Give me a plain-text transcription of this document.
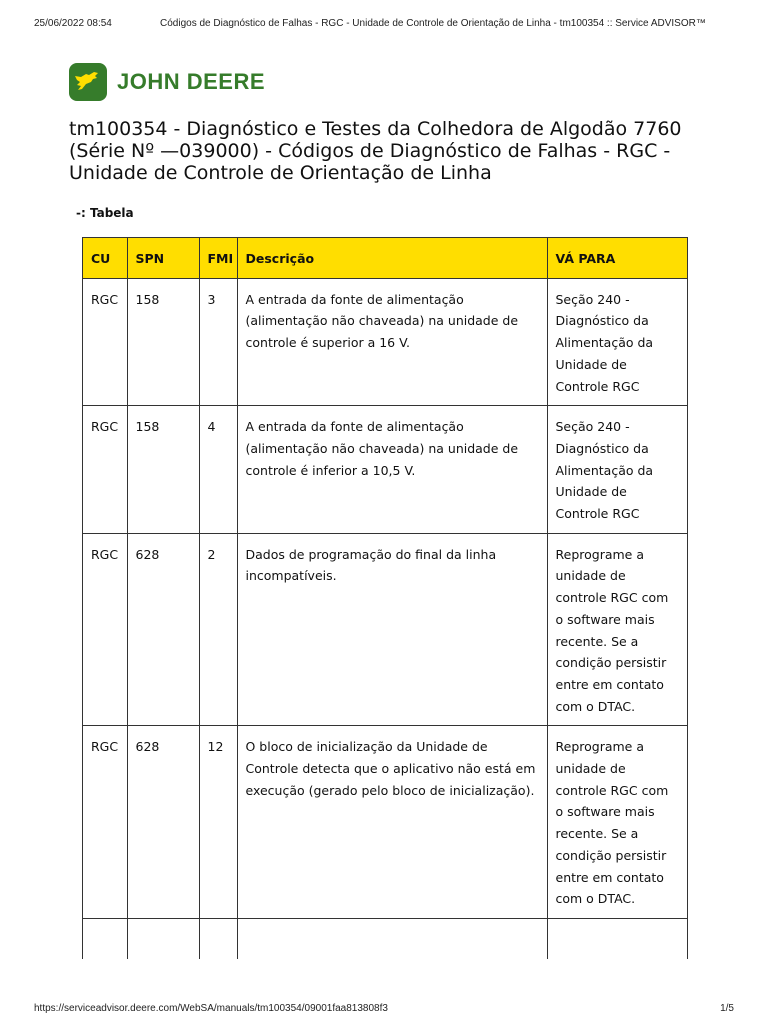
25/06/2022 08:54	Códigos de Diagnóstico de Falhas - RGC - Unidade de Controle de Orientação de Linha - tm100354 :: Service ADVISOR™
JOHN DEERE
tm100354 - Diagnóstico e Testes da Colhedora de Algodão 7760 (Série Nº —039000) - Códigos de Diagnóstico de Falhas - RGC - Unidade de Controle de Orientação de Linha
-: Tabela
CU	SPN	FMI	Descrição	VÁ PARA
RGC	158	3	A entrada da fonte de alimentação (alimentação não chaveada) na unidade de controle é superior a 16 V.	Seção 240 - Diagnóstico da Alimentação da Unidade de Controle RGC
RGC	158	4	A entrada da fonte de alimentação (alimentação não chaveada) na unidade de controle é inferior a 10,5 V.	Seção 240 - Diagnóstico da Alimentação da Unidade de Controle RGC
RGC	628	2	Dados de programação do final da linha incompatíveis.	Reprograme a unidade de controle RGC com o software mais recente. Se a condição persistir entre em contato com o DTAC.
RGC	628	12	O bloco de inicialização da Unidade de Controle detecta que o aplicativo não está em execução (gerado pelo bloco de inicialização).	Reprograme a unidade de controle RGC com o software mais recente. Se a condição persistir entre em contato com o DTAC.

https://serviceadvisor.deere.com/WebSA/manuals/tm100354/09001faa813808f3	1/5
